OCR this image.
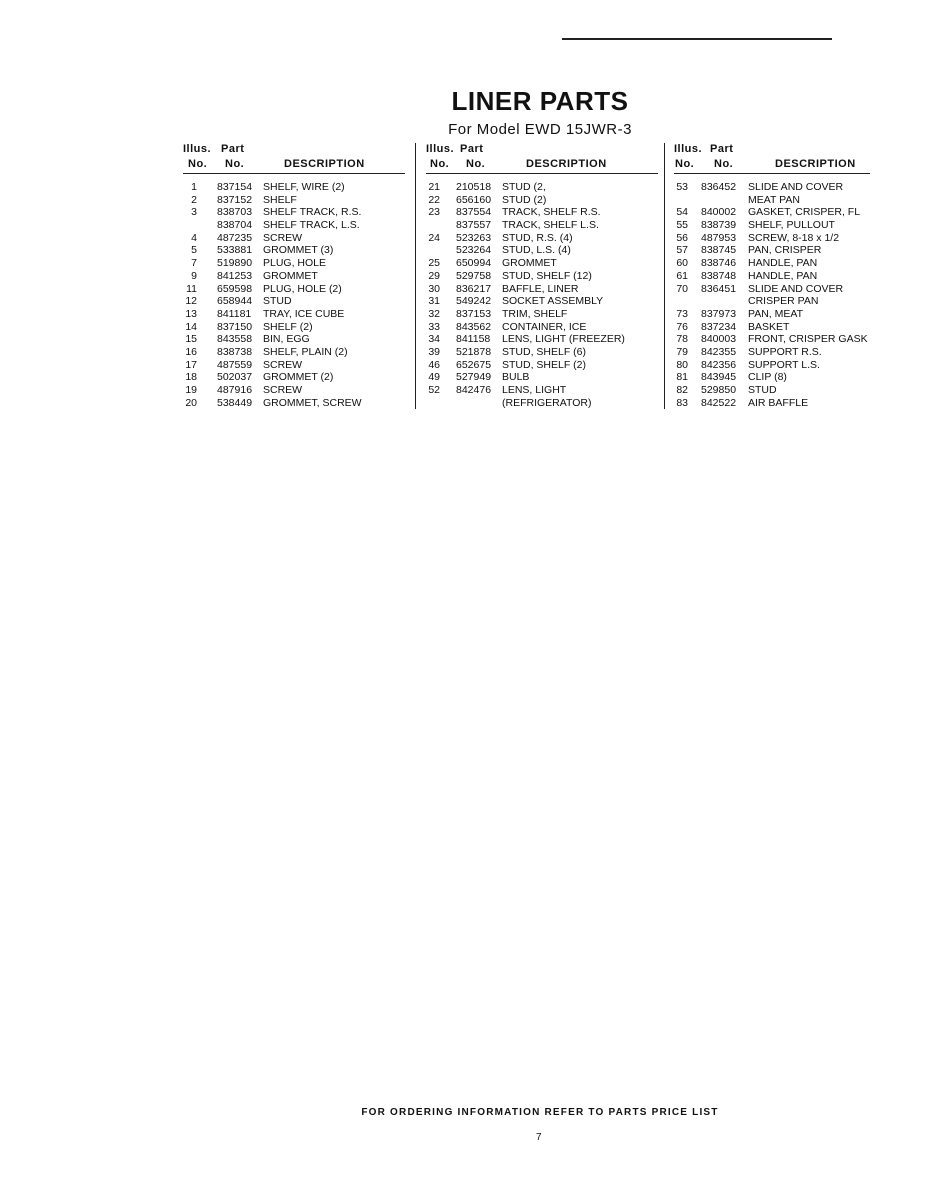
LINER PARTS
For Model EWD 15JWR-3
Illus. Part
No. No.	DESCRIPTION
1 837154 SHELF, WIRE (2)
2 837152 SHELF
3 838703 SHELF TRACK, R.S.
838704 SHELF TRACK, L.S.
4 487235 SCREW
5 533881 GROMMET (3)
7 519890 PLUG, HOLE
9 841253 GROMMET
11 659598 PLUG, HOLE (2)
12 658944 STUD
13 841181 TRAY, ICE CUBE
14 837150 SHELF (2)
15 843558 BIN, EGG
16 838738 SHELF, PLAIN (2)
17 487559 SCREW
18 502037 GROMMET (2)
19 487916 SCREW
20 538449 GROMMET, SCREW
Illus. Part
No. No.	DESCRIPTION
21 210518 STUD (2,
22 656160 STUD (2)
23 837554 TRACK, SHELF R.S.
837557 TRACK, SHELF L.S.
24 523263 STUD, R.S. (4)
523264 STUD, L.S. (4)
25 650994 GROMMET
29 529758 STUD, SHELF (12)
30 836217 BAFFLE, LINER
31 549242 SOCKET ASSEMBLY
32 837153 TRIM, SHELF
33 843562 CONTAINER, ICE
34 841158 LENS, LIGHT (FREEZER)
39 521878 STUD, SHELF (6)
46 652675 STUD, SHELF (2)
49 527949 BULB
52 842476 LENS, LIGHT
(REFRIGERATOR)
Illus. Part
No. No.	DESCRIPTION
53 836452 SLIDE AND COVER
MEAT PAN
54 840002 GASKET, CRISPER, FL
55 838739 SHELF, PULLOUT
56 487953 SCREW, 8-18 x 1/2
57 838745 PAN, CRISPER
60 838746 HANDLE, PAN
61 838748 HANDLE, PAN
70 836451 SLIDE AND COVER
CRISPER PAN
73 837973 PAN, MEAT
76 837234 BASKET
78 840003 FRONT, CRISPER GASK
79 842355 SUPPORT R.S.
80 842356 SUPPORT L.S.
81 843945 CLIP (8)
82 529850 STUD
83 842522 AIR BAFFLE
FOR ORDERING INFORMATION REFER TO PARTS PRICE LIST
7
